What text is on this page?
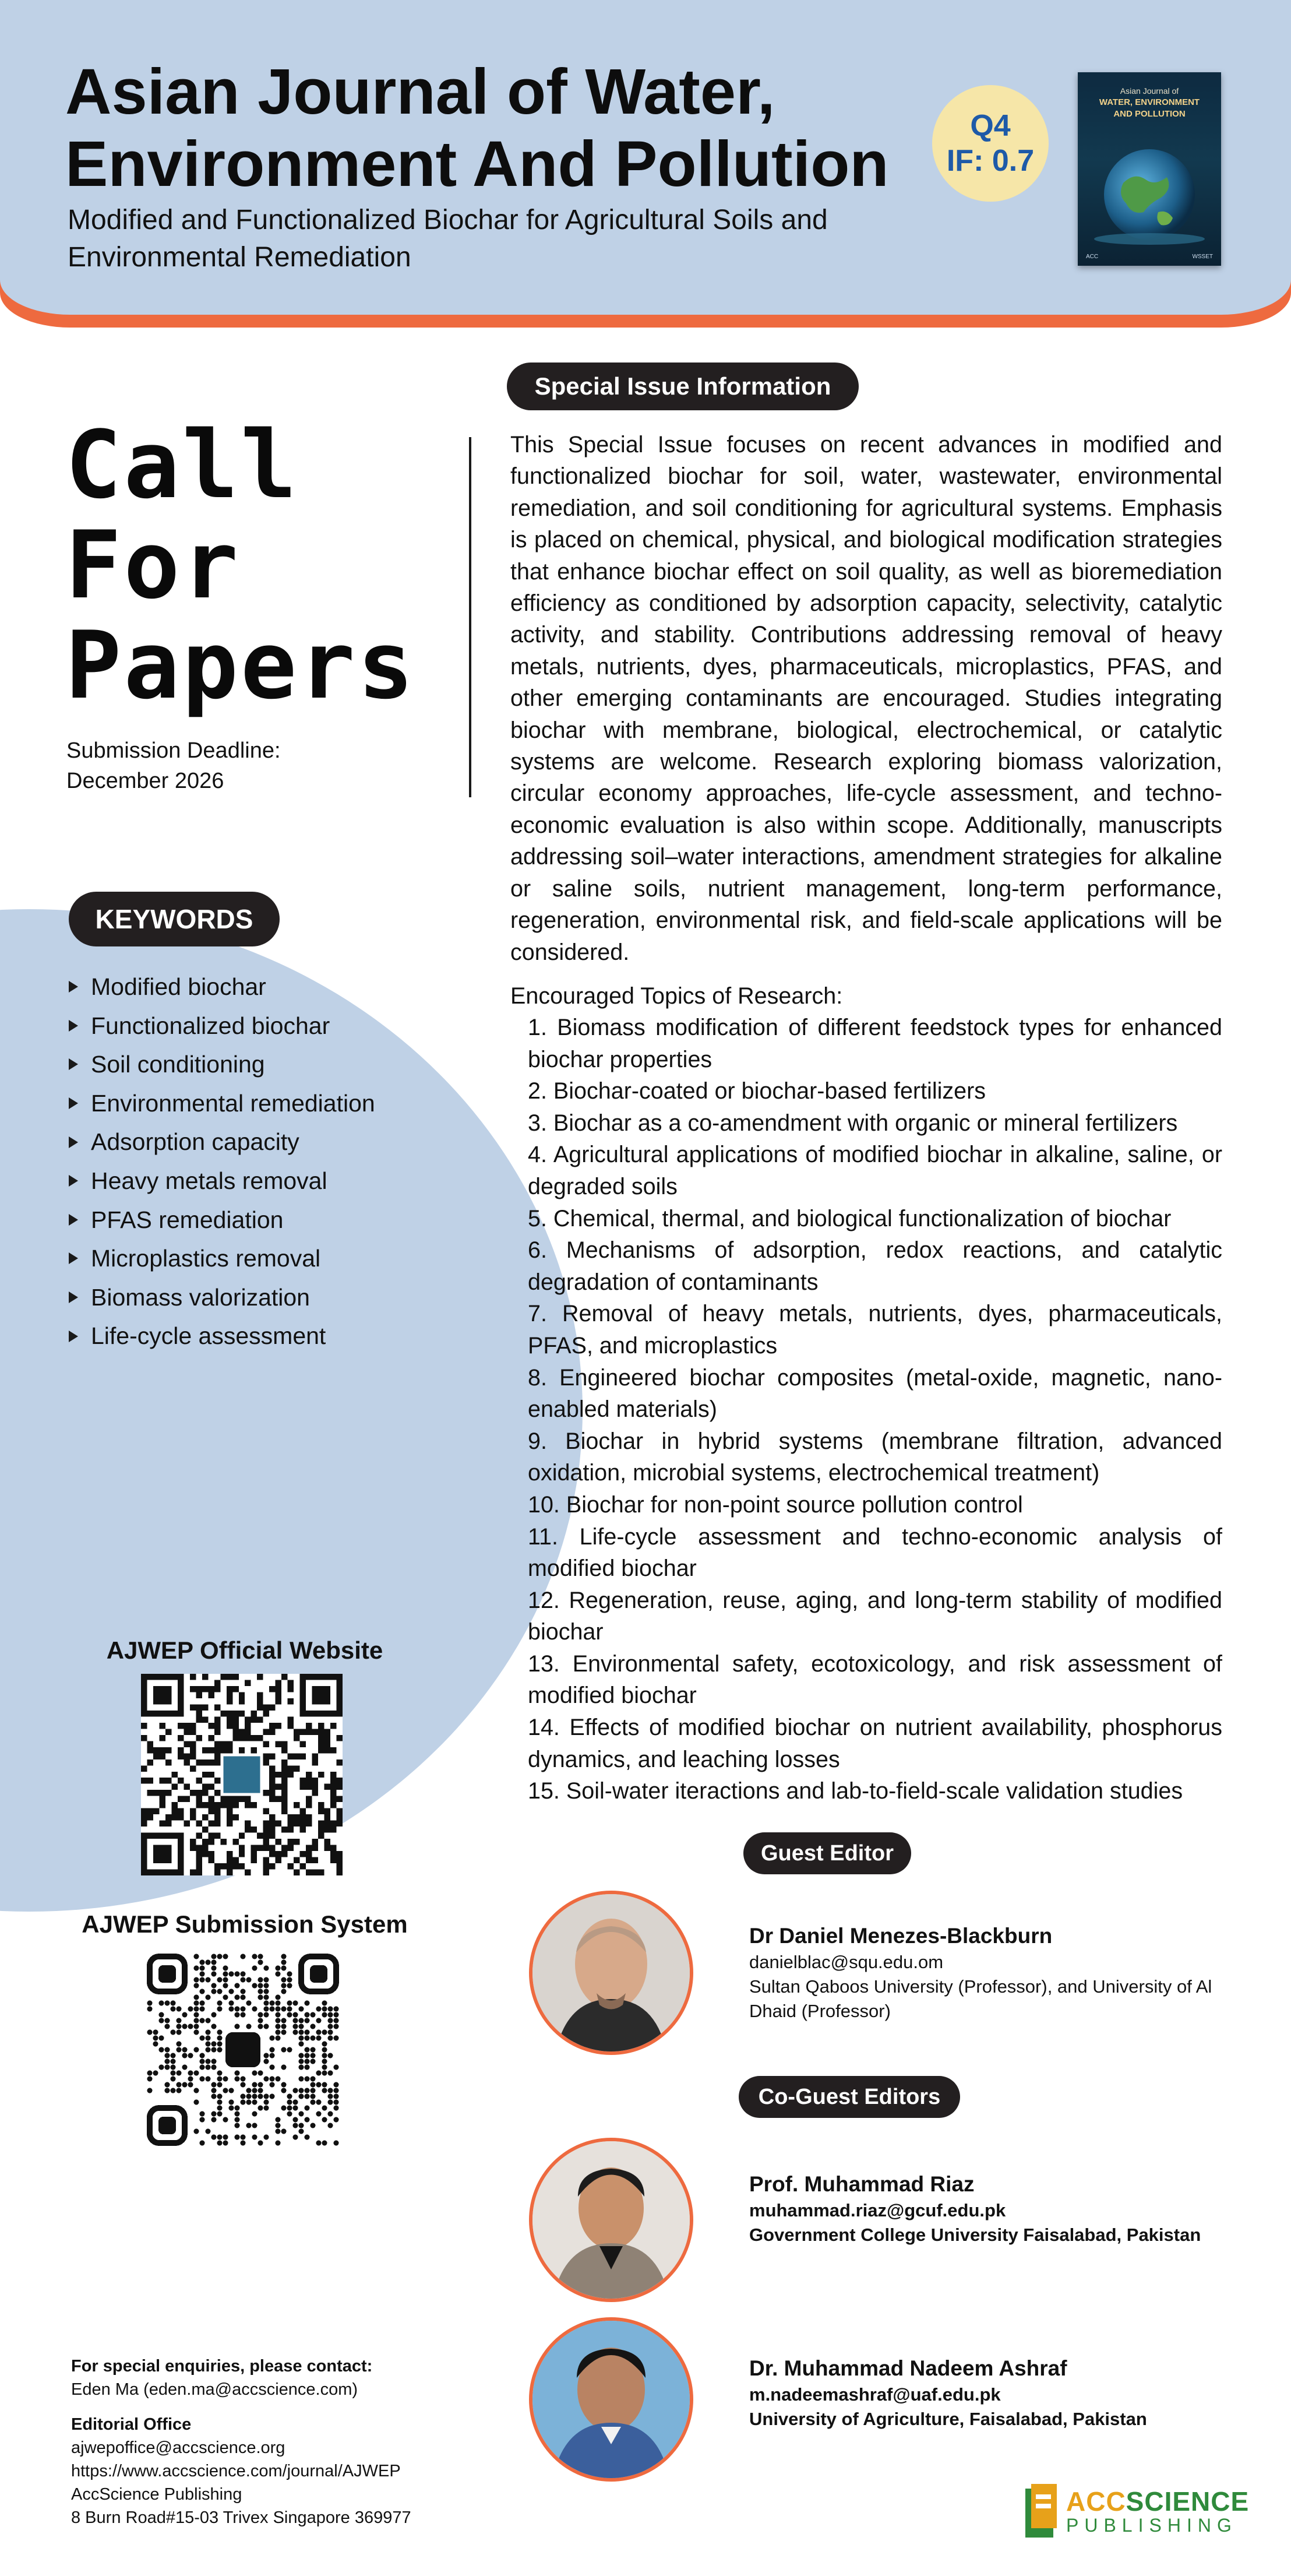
Asian Journal of Water, Environment And Pollution

Modified and Functionalized Biochar for Agricultural Soils and Environmental Remediation

Q4
IF: 0.7
Asian Journal of
WATER, ENVIRONMENT
AND POLLUTION
ACC	WSSET
Call
For
Papers
Submission Deadline:
December 2026
KEYWORDS
Modified biochar
Functionalized biochar
Soil conditioning
Environmental remediation
Adsorption capacity
Heavy metals removal
PFAS remediation
Microplastics removal
Biomass valorization
Life-cycle assessment
AJWEP Official Website
AJWEP Submission System
For special enquiries, please contact:
Eden Ma (eden.ma@accscience.com)
Editorial Office
ajwepoffice@accscience.org
https://www.accscience.com/journal/AJWEP
AccScience Publishing
8 Burn Road#15-03 Trivex Singapore 369977
Special Issue Information

This Special Issue focuses on recent advances in modified and functionalized biochar for soil, water, wastewater, environmental remediation, and soil conditioning for agricultural systems. Emphasis is placed on chemical, physical, and biological modification strategies that enhance biochar effect on soil quality, as well as bioremediation efficiency as conditioned by adsorption capacity, selectivity, catalytic activity, and stability. Contributions addressing removal of heavy metals, nutrients, dyes, pharmaceuticals, microplastics, PFAS, and other emerging contaminants are encouraged. Studies integrating biochar with membrane, biological, electrochemical, or catalytic systems are welcome. Research exploring biomass valorization, circular economy approaches, life-cycle assessment, and techno-economic evaluation is also within scope. Additionally, manuscripts addressing soil–water interactions, amendment strategies for alkaline or saline soils, nutrient management, long-term performance, regeneration, environmental risk, and field-scale applications will be considered.

Encouraged Topics of Research:
1. Biomass modification of different feedstock types for enhanced biochar properties
2. Biochar-coated or biochar-based fertilizers
3. Biochar as a co-amendment with organic or mineral fertilizers
4. Agricultural applications of modified biochar in alkaline, saline, or degraded soils
5. Chemical, thermal, and biological functionalization of biochar
6. Mechanisms of adsorption, redox reactions, and catalytic degradation of contaminants
7. Removal of heavy metals, nutrients, dyes, pharmaceuticals, PFAS, and microplastics
8. Engineered biochar composites (metal-oxide, magnetic, nano-enabled materials)
9. Biochar in hybrid systems (membrane filtration, advanced oxidation, microbial systems, electrochemical treatment)
10. Biochar for non-point source pollution control
11. Life-cycle assessment and techno-economic analysis of modified biochar
12. Regeneration, reuse, aging, and long-term stability of modified biochar
13. Environmental safety, ecotoxicology, and risk assessment of modified biochar
14. Effects of modified biochar on nutrient availability, phosphorus dynamics, and leaching losses
15. Soil-water iteractions and lab-to-field-scale validation studies
Guest Editor
Dr Daniel Menezes-Blackburn
danielblac@squ.edu.om
Sultan Qaboos University (Professor), and University of Al Dhaid (Professor)
Co-Guest Editors
Prof. Muhammad Riaz
muhammad.riaz@gcuf.edu.pk
Government College University Faisalabad, Pakistan
Dr. Muhammad Nadeem Ashraf
m.nadeemashraf@uaf.edu.pk
University of Agriculture, Faisalabad, Pakistan
ACCSCIENCE
PUBLISHING
